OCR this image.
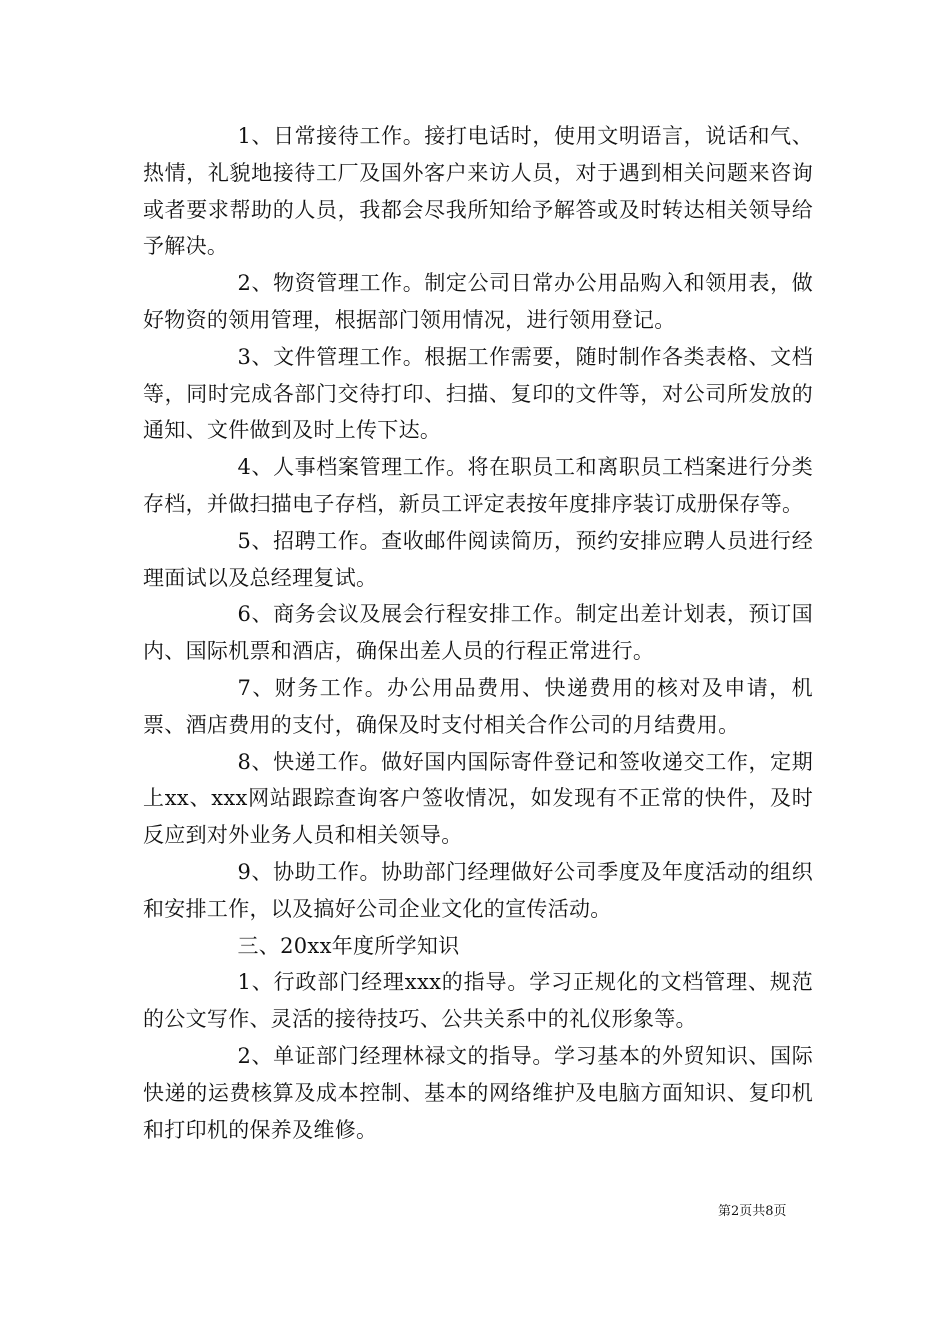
1、日常接待工作。接打电话时，使用文明语言，说话和气、热情，礼貌地接待工厂及国外客户来访人员，对于遇到相关问题来咨询或者要求帮助的人员，我都会尽我所知给予解答或及时转达相关领导给予解决。

2、物资管理工作。制定公司日常办公用品购入和领用表，做好物资的领用管理，根据部门领用情况，进行领用登记。

3、文件管理工作。根据工作需要，随时制作各类表格、文档等，同时完成各部门交待打印、扫描、复印的文件等，对公司所发放的通知、文件做到及时上传下达。

4、人事档案管理工作。将在职员工和离职员工档案进行分类存档，并做扫描电子存档，新员工评定表按年度排序装订成册保存等。

5、招聘工作。查收邮件阅读简历，预约安排应聘人员进行经理面试以及总经理复试。

6、商务会议及展会行程安排工作。制定出差计划表，预订国内、国际机票和酒店，确保出差人员的行程正常进行。

7、财务工作。办公用品费用、快递费用的核对及申请，机票、酒店费用的支付，确保及时支付相关合作公司的月结费用。

8、快递工作。做好国内国际寄件登记和签收递交工作，定期上xx、xxx网站跟踪查询客户签收情况，如发现有不正常的快件，及时反应到对外业务人员和相关领导。

9、协助工作。协助部门经理做好公司季度及年度活动的组织和安排工作，以及搞好公司企业文化的宣传活动。

三、20xx年度所学知识

1、行政部门经理xxx的指导。学习正规化的文档管理、规范的公文写作、灵活的接待技巧、公共关系中的礼仪形象等。

2、单证部门经理林禄文的指导。学习基本的外贸知识、国际快递的运费核算及成本控制、基本的网络维护及电脑方面知识、复印机和打印机的保养及维修。

第2页共8页
